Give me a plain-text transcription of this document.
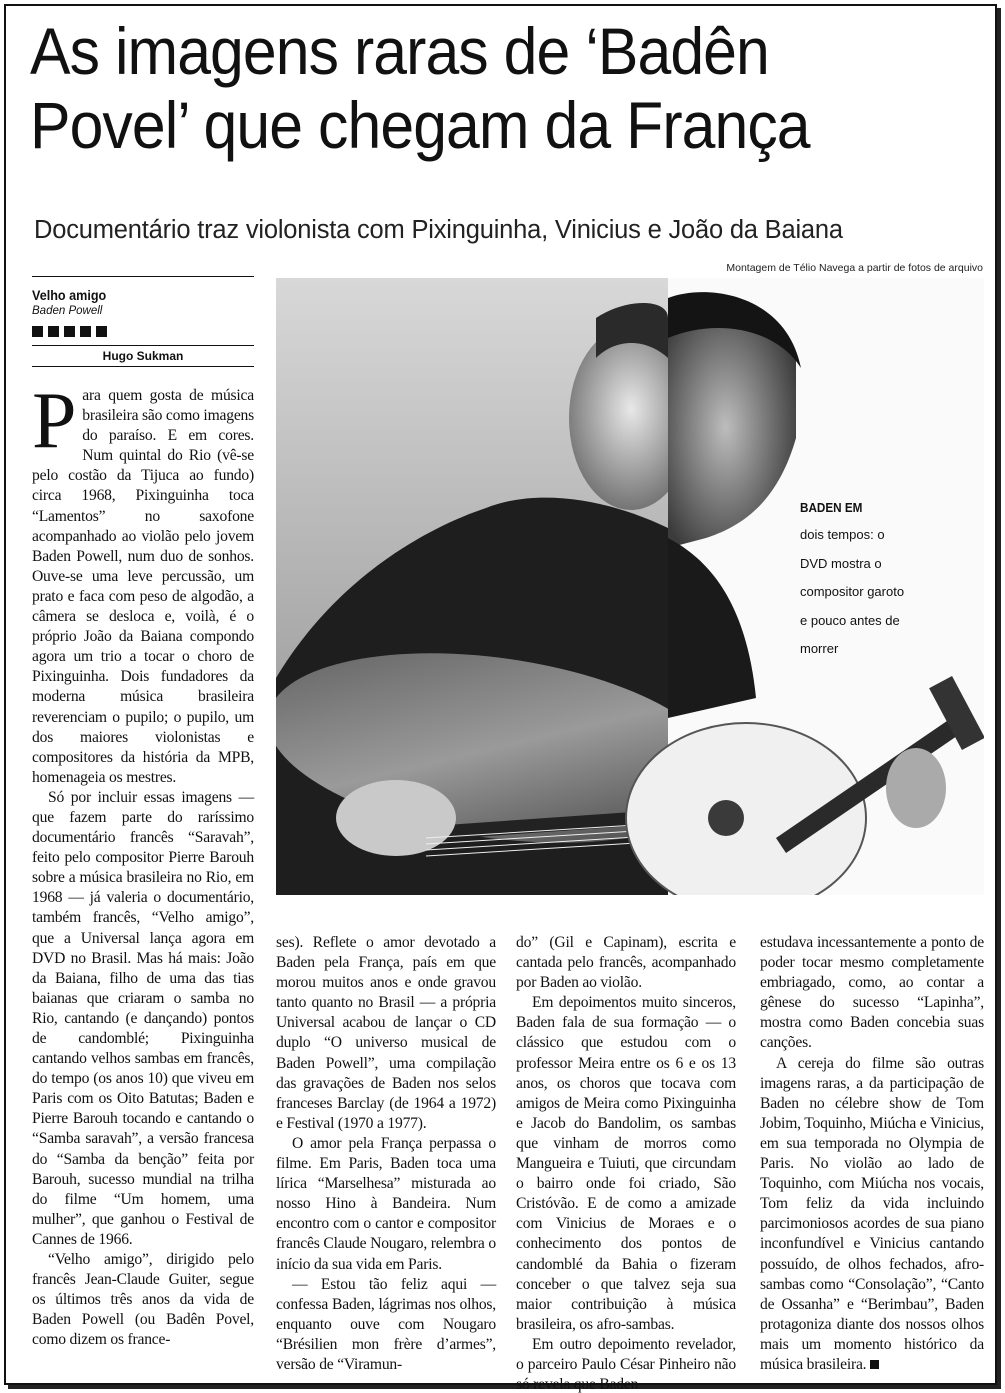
As imagens raras de ‘Badên
Povel’ que chegam da França
Documentário traz violonista com Pixinguinha, Vinicius e João da Baiana
Montagem de Télio Navega a partir de fotos de arquivo
Velho amigo
Baden Powell
Hugo Sukman
BADEN EM
dois tempos: o DVD mostra o compositor garoto e pouco antes de morrer
P ara quem gosta de música brasileira são como imagens do paraíso. E em cores. Num quintal do Rio (vê-se pelo costão da Tijuca ao fundo) circa 1968, Pixinguinha toca “Lamentos” no saxofone acompanhado ao violão pelo jovem Baden Powell, num duo de sonhos. Ouve-se uma leve percussão, um prato e faca com peso de algodão, a câmera se desloca e, voilà, é o próprio João da Baiana compondo agora um trio a tocar o choro de Pixinguinha. Dois fundadores da moderna música brasileira reverenciam o pupilo; o pupilo, um dos maiores violonistas e compositores da história da MPB, homenageia os mestres.

Só por incluir essas imagens — que fazem parte do raríssimo documentário francês “Saravah”, feito pelo compositor Pierre Barouh sobre a música brasileira no Rio, em 1968 — já valeria o documentário, também francês, “Velho amigo”, que a Universal lança agora em DVD no Brasil. Mas há mais: João da Baiana, filho de uma das tias baianas que criaram o samba no Rio, cantando (e dançando) pontos de candomblé; Pixinguinha cantando velhos sambas em francês, do tempo (os anos 10) que viveu em Paris com os Oito Batutas; Baden e Pierre Barouh tocando e cantando o “Samba saravah”, a versão francesa do “Samba da benção” feita por Barouh, sucesso mundial na trilha do filme “Um homem, uma mulher”, que ganhou o Festival de Cannes de 1966.

“Velho amigo”, dirigido pelo francês Jean-Claude Guiter, segue os últimos três anos da vida de Baden Powell (ou Badên Povel, como dizem os france-

ses). Reflete o amor devotado a Baden pela França, país em que morou muitos anos e onde gravou tanto quanto no Brasil — a própria Universal acabou de lançar o CD duplo “O universo musical de Baden Powell”, uma compilação das gravações de Baden nos selos franceses Barclay (de 1964 a 1972) e Festival (1970 a 1977).

O amor pela França perpassa o filme. Em Paris, Baden toca uma lírica “Marselhesa” misturada ao nosso Hino à Bandeira. Num encontro com o cantor e compositor francês Claude Nougaro, relembra o início da sua vida em Paris.

— Estou tão feliz aqui — confessa Baden, lágrimas nos olhos, enquanto ouve com Nougaro “Brésilien mon frère d’armes”, versão de “Viramun-

do” (Gil e Capinam), escrita e cantada pelo francês, acompanhado por Baden ao violão.

Em depoimentos muito sinceros, Baden fala de sua formação — o clássico que estudou com o professor Meira entre os 6 e os 13 anos, os choros que tocava com amigos de Meira como Pixinguinha e Jacob do Bandolim, os sambas que vinham de morros como Mangueira e Tuiuti, que circundam o bairro onde foi criado, São Cristóvão. E de como a amizade com Vinicius de Moraes e o conhecimento dos pontos de candomblé da Bahia o fizeram conceber o que talvez seja sua maior contribuição à música brasileira, os afro-sambas.

Em outro depoimento revelador, o parceiro Paulo César Pinheiro não só revela que Baden

estudava incessantemente a ponto de poder tocar mesmo completamente embriagado, como, ao contar a gênese do sucesso “Lapinha”, mostra como Baden concebia suas canções.

A cereja do filme são outras imagens raras, a da participação de Baden no célebre show de Tom Jobim, Toquinho, Miúcha e Vinicius, em sua temporada no Olympia de Paris. No violão ao lado de Toquinho, com Miúcha nos vocais, Tom feliz da vida incluindo parcimoniosos acordes de sua piano inconfundível e Vinicius cantando possuído, de olhos fechados, afro-sambas como “Consolação”, “Canto de Ossanha” e “Berimbau”, Baden protagoniza diante dos nossos olhos mais um momento histórico da música brasileira.
